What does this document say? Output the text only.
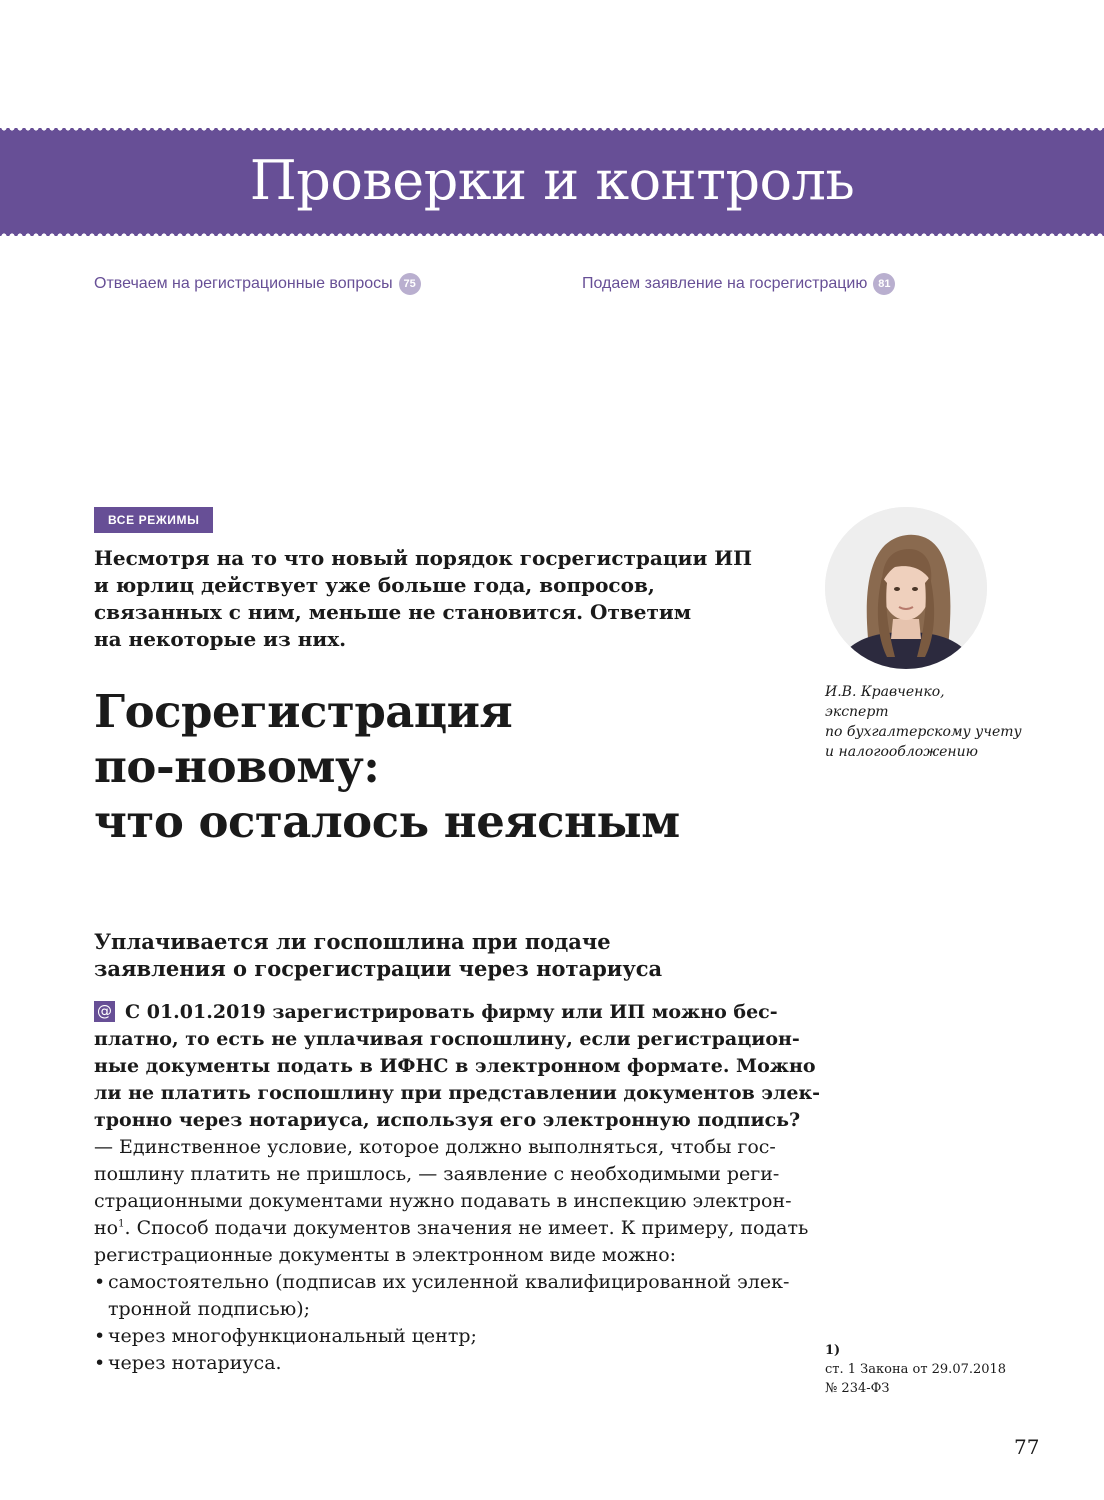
Проверки и контроль
Отвечаем на регистрационные вопросы 75	Подаем заявление на госрегистрацию 81
ВСЕ РЕЖИМЫ

Несмотря на то что новый порядок госрегистрации ИП
и юрлиц действует уже больше года, вопросов,
связанных с ним, меньше не становится. Ответим
на некоторые из них.

Госрегистрация
по-новому:
что осталось неясным
И.В. Кравченко,
эксперт
по бухгалтерскому учету
и налогообложению
Уплачивается ли госпошлина при подаче
заявления о госрегистрации через нотариуса
@ С 01.01.2019 зарегистрировать фирму или ИП можно бес-
платно, то есть не уплачивая госпошлину, если регистрацион-
ные документы подать в ИФНС в электронном формате. Можно
ли не платить госпошлину при представлении документов элек-
тронно через нотариуса, используя его электронную подпись?
— Единственное условие, которое должно выполняться, чтобы гос-
пошлину платить не пришлось, — заявление с необходимыми реги-
страционными документами нужно подавать в инспекцию электрон-
$но^1$. Способ подачи документов значения не имеет. К примеру, подать
регистрационные документы в электронном виде можно:
• самостоятельно (подписав их усиленной квалифицированной элек-
тронной подписью);
• через многофункциональный центр;
• через нотариуса.
1)
ст. 1 Закона от 29.07.2018
№ 234-ФЗ
77
